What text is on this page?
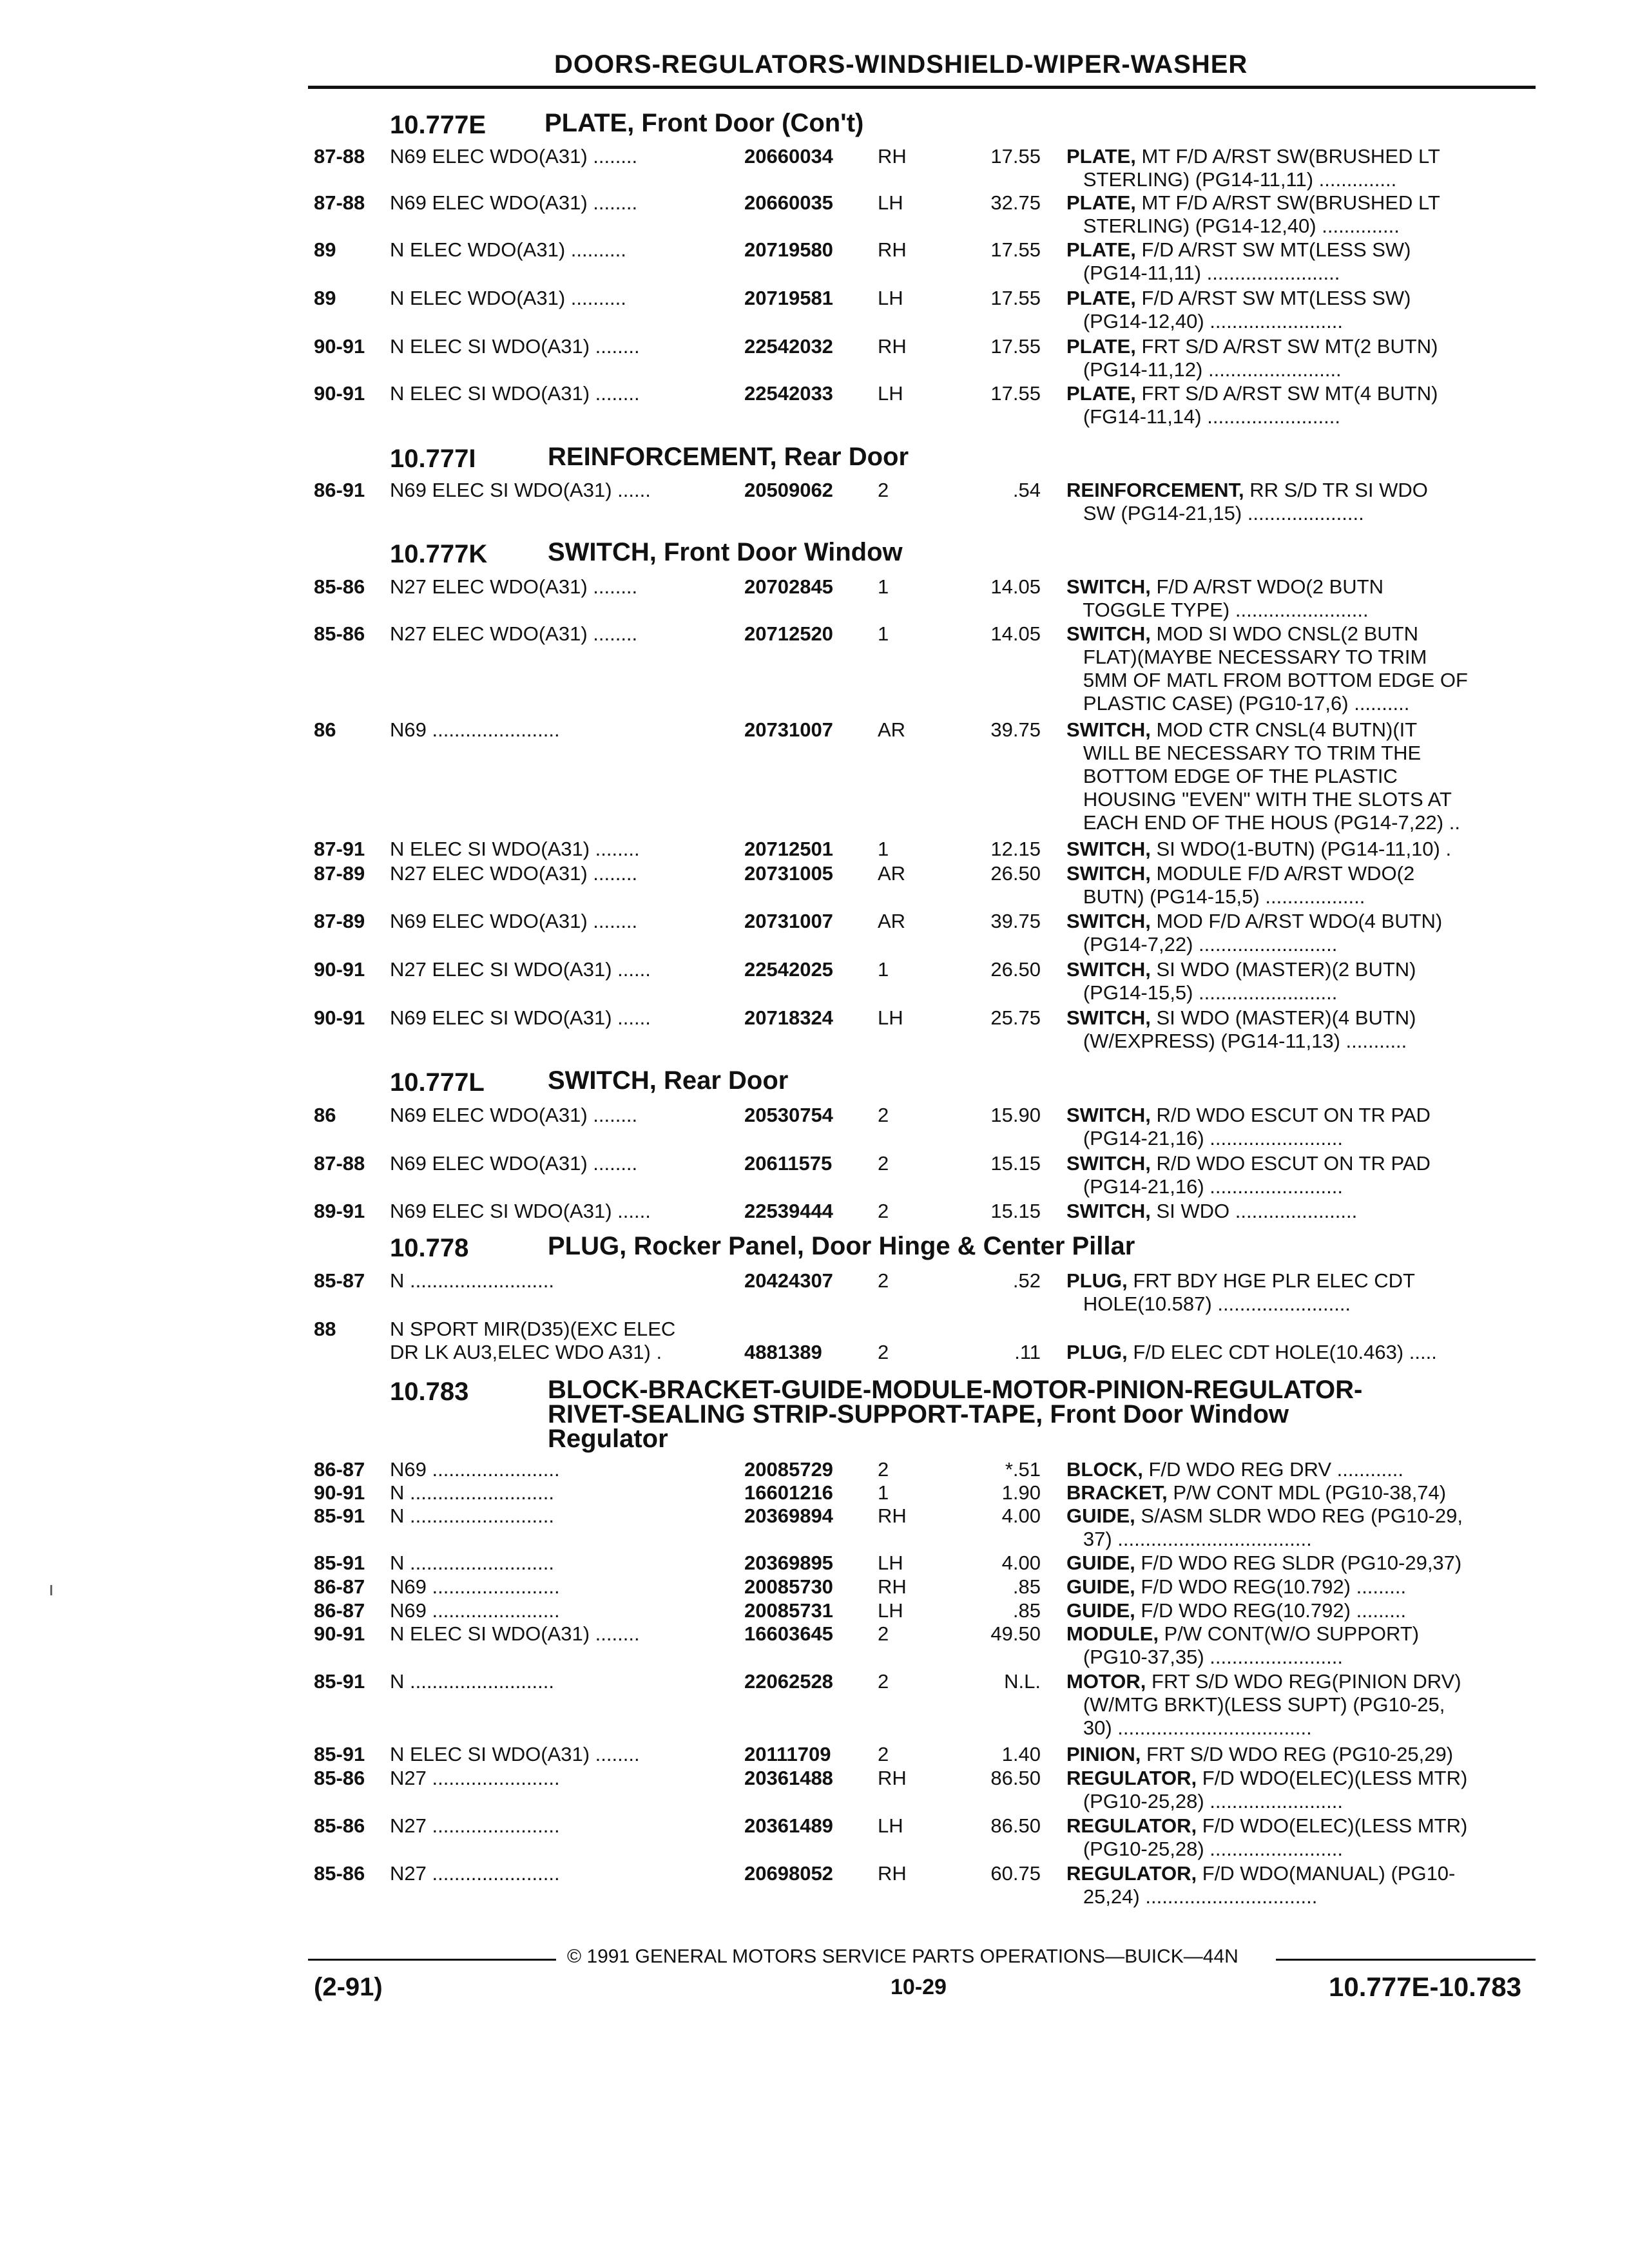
DOORS-REGULATORS-WINDSHIELD-WIPER-WASHER
10.777E PLATE, Front Door (Con't)
87-88 N69 ELEC WDO(A31) ........	20660034 RH	17.55 PLATE, MT F/D A/RST SW(BRUSHED LT
STERLING) (PG14-11,11) ..............
87-88 N69 ELEC WDO(A31) ........	20660035 LH	32.75 PLATE, MT F/D A/RST SW(BRUSHED LT
STERLING) (PG14-12,40) ..............
89	N ELEC WDO(A31) ..........	20719580 RH	17.55 PLATE, F/D A/RST SW MT(LESS SW)
(PG14-11,11) ........................
89	N ELEC WDO(A31) ..........	20719581 LH	17.55 PLATE, F/D A/RST SW MT(LESS SW)
(PG14-12,40) ........................
90-91 N ELEC SI WDO(A31) ........	22542032 RH	17.55 PLATE, FRT S/D A/RST SW MT(2 BUTN)
(PG14-11,12) ........................
90-91 N ELEC SI WDO(A31) ........	22542033 LH	17.55 PLATE, FRT S/D A/RST SW MT(4 BUTN)
(FG14-11,14) ........................
10.777I	REINFORCEMENT, Rear Door
86-91 N69 ELEC SI WDO(A31) ......	20509062 2	.54 REINFORCEMENT, RR S/D TR SI WDO
SW (PG14-21,15) .....................
10.777K SWITCH, Front Door Window
85-86 N27 ELEC WDO(A31) ........	20702845 1	14.05 SWITCH, F/D A/RST WDO(2 BUTN
TOGGLE TYPE) ........................
85-86 N27 ELEC WDO(A31) ........	20712520 1	14.05 SWITCH, MOD SI WDO CNSL(2 BUTN
FLAT)(MAYBE NECESSARY TO TRIM
5MM OF MATL FROM BOTTOM EDGE OF
PLASTIC CASE) (PG10-17,6) ..........
86	N69 .......................	20731007 AR	39.75 SWITCH, MOD CTR CNSL(4 BUTN)(IT
WILL BE NECESSARY TO TRIM THE
BOTTOM EDGE OF THE PLASTIC
HOUSING "EVEN" WITH THE SLOTS AT
EACH END OF THE HOUS (PG14-7,22) ..
87-91 N ELEC SI WDO(A31) ........	20712501 1	12.15 SWITCH, SI WDO(1-BUTN) (PG14-11,10) .
87-89 N27 ELEC WDO(A31) ........	20731005 AR	26.50 SWITCH, MODULE F/D A/RST WDO(2
BUTN) (PG14-15,5) ..................
87-89 N69 ELEC WDO(A31) ........	20731007 AR	39.75 SWITCH, MOD F/D A/RST WDO(4 BUTN)
(PG14-7,22) .........................
90-91 N27 ELEC SI WDO(A31) ......	22542025 1	26.50 SWITCH, SI WDO (MASTER)(2 BUTN)
(PG14-15,5) .........................
90-91 N69 ELEC SI WDO(A31) ......	20718324 LH	25.75 SWITCH, SI WDO (MASTER)(4 BUTN)
(W/EXPRESS) (PG14-11,13) ...........
10.777L SWITCH, Rear Door
86	N69 ELEC WDO(A31) ........	20530754 2	15.90 SWITCH, R/D WDO ESCUT ON TR PAD
(PG14-21,16) ........................
87-88 N69 ELEC WDO(A31) ........	20611575 2	15.15 SWITCH, R/D WDO ESCUT ON TR PAD
(PG14-21,16) ........................
89-91 N69 ELEC SI WDO(A31) ......	22539444 2	15.15 SWITCH, SI WDO ......................
10.778	PLUG, Rocker Panel, Door Hinge & Center Pillar
85-87 N ..........................	20424307 2	.52 PLUG, FRT BDY HGE PLR ELEC CDT
HOLE(10.587) ........................
88	N SPORT MIR(D35)(EXC ELEC
DR LK AU3,ELEC WDO A31) .	4881389	2	.11 PLUG, F/D ELEC CDT HOLE(10.463) .....
10.783	BLOCK-BRACKET-GUIDE-MODULE-MOTOR-PINION-REGULATOR-
RIVET-SEALING STRIP-SUPPORT-TAPE, Front Door Window
Regulator
86-87 N69 .......................	20085729 2	*.51 BLOCK, F/D WDO REG DRV ............
90-91 N ..........................	16601216 1	1.90 BRACKET, P/W CONT MDL (PG10-38,74)
85-91 N ..........................	20369894 RH	4.00 GUIDE, S/ASM SLDR WDO REG (PG10-29,
37) ...................................
85-91 N ..........................	20369895 LH	4.00 GUIDE, F/D WDO REG SLDR (PG10-29,37)
86-87 N69 .......................	20085730 RH	.85 GUIDE, F/D WDO REG(10.792) .........
86-87 N69 .......................	20085731 LH	.85 GUIDE, F/D WDO REG(10.792) .........
90-91 N ELEC SI WDO(A31) ........	16603645 2	49.50 MODULE, P/W CONT(W/O SUPPORT)
(PG10-37,35) ........................
85-91 N ..........................	22062528 2	N.L. MOTOR, FRT S/D WDO REG(PINION DRV)
(W/MTG BRKT)(LESS SUPT) (PG10-25,
30) ...................................
85-91 N ELEC SI WDO(A31) ........	20111709 2	1.40 PINION, FRT S/D WDO REG (PG10-25,29)
85-86 N27 .......................	20361488 RH	86.50 REGULATOR, F/D WDO(ELEC)(LESS MTR)
(PG10-25,28) ........................
85-86 N27 .......................	20361489 LH	86.50 REGULATOR, F/D WDO(ELEC)(LESS MTR)
(PG10-25,28) ........................
85-86 N27 .......................	20698052 RH	60.75 REGULATOR, F/D WDO(MANUAL) (PG10-
25,24) ...............................
© 1991 GENERAL MOTORS SERVICE PARTS OPERATIONS—BUICK—44N
(2-91)	10-29	10.777E-10.783
